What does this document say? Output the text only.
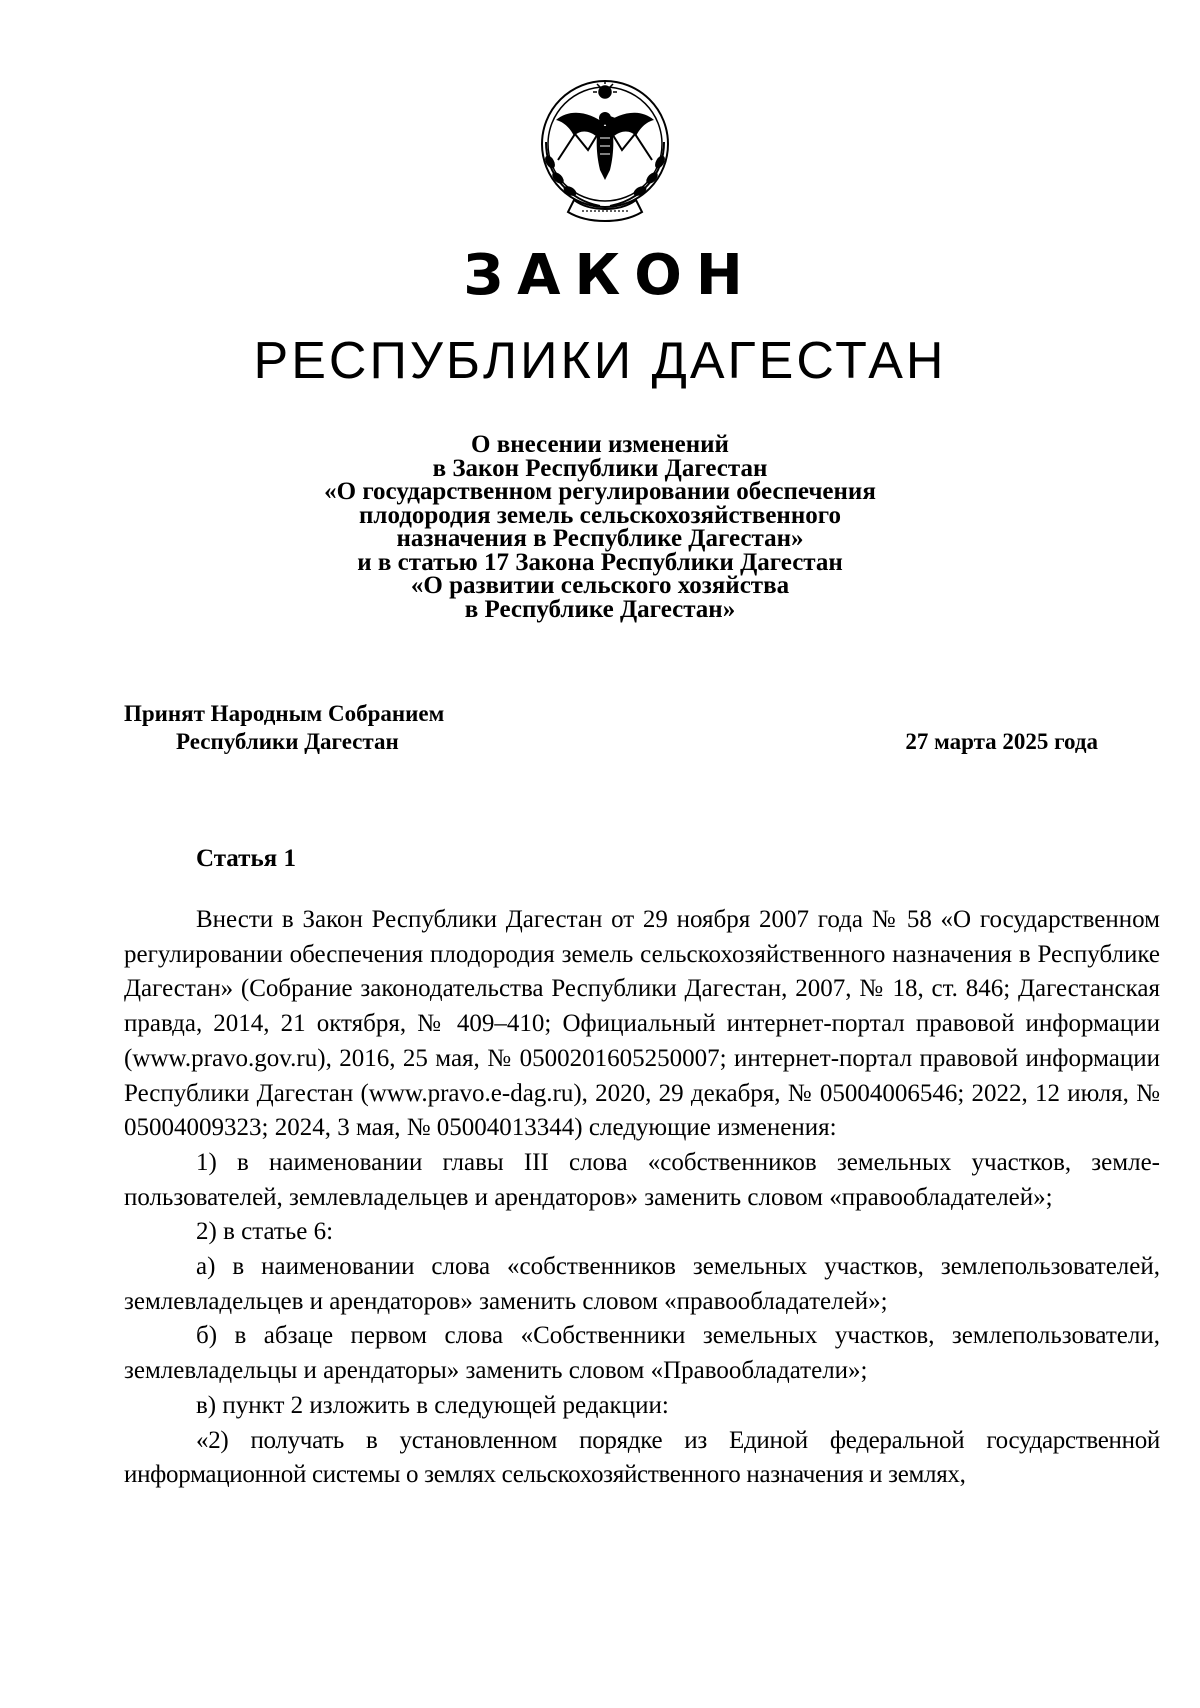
ЗАКОН
РЕСПУБЛИКИ ДАГЕСТАН
О внесении изменений
в Закон Республики Дагестан
«О государственном регулировании обеспечения
плодородия земель сельскохозяйственного
назначения в Республике Дагестан»
и в статью 17 Закона Республики Дагестан
«О развитии сельского хозяйства
в Республике Дагестан»
Принят Народным Собранием
Республики Дагестан	27 марта 2025 года
Статья 1

Внести в Закон Республики Дагестан от 29 ноября 2007 года № 58 «О государственном регулировании обеспечения плодородия земель сельскохозяйственного назначения в Республике Дагестан» (Собрание законодательства Республики Дагестан, 2007, № 18, ст. 846; Дагестанская правда, 2014, 21 октября, № 409–410; Официальный интернет-портал правовой информации (www.pravo.gov.ru), 2016, 25 мая, № 0500201605250007; интернет-портал правовой информации Республики Дагестан (www.pravo.e-dag.ru), 2020, 29 декабря, № 05004006546; 2022, 12 июля, № 05004009323; 2024, 3 мая, № 05004013344) следующие изменения:

1) в наименовании главы III слова «собственников земельных участков, землепользователей, землевладельцев и арендаторов» заменить словом «правообладателей»;

2) в статье 6:

а) в наименовании слова «собственников земельных участков, землепользователей, землевладельцев и арендаторов» заменить словом «правообладателей»;

б) в абзаце первом слова «Собственники земельных участков, землепользователи, землевладельцы и арендаторы» заменить словом «Правообладатели»;

в) пункт 2 изложить в следующей редакции:

«2) получать в установленном порядке из Единой федеральной государственной информационной системы о землях сельскохозяйственного назначения и землях,
